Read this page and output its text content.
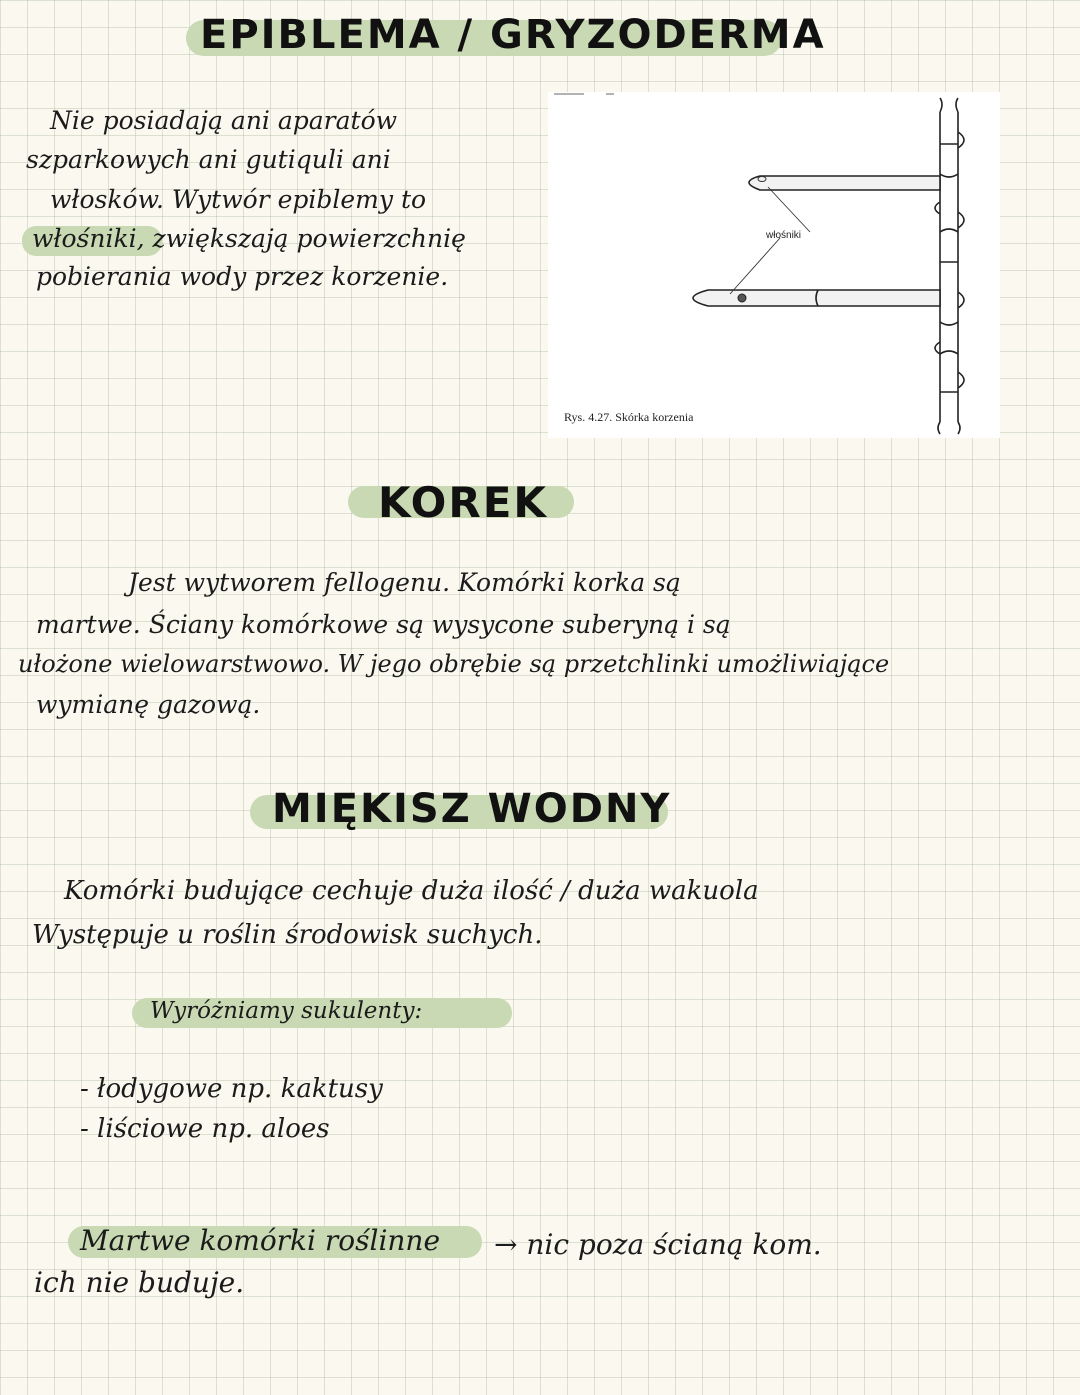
EPIBLEMA / GRYZODERMA
Nie posiadają ani aparatów
szparkowych ani gutiquli ani
włosków. Wytwór epiblemy to
włośniki, zwiększają powierzchnię
pobierania wody przez korzenie.
włośniki
Rys. 4.27. Skórka korzenia
KOREK
Jest wytworem fellogenu. Komórki korka są
martwe. Ściany komórkowe są wysycone suberyną i są
ułożone wielowarstwowo. W jego obrębie są przetchlinki umożliwiające
wymianę gazową.
MIĘKISZ WODNY
Komórki budujące cechuje duża ilość / duża wakuola
Występuje u roślin środowisk suchych.
Wyróżniamy sukulenty:
- łodygowe np. kaktusy
- liściowe np. aloes
Martwe komórki roślinne → nic poza ścianą kom.
ich nie buduje.
